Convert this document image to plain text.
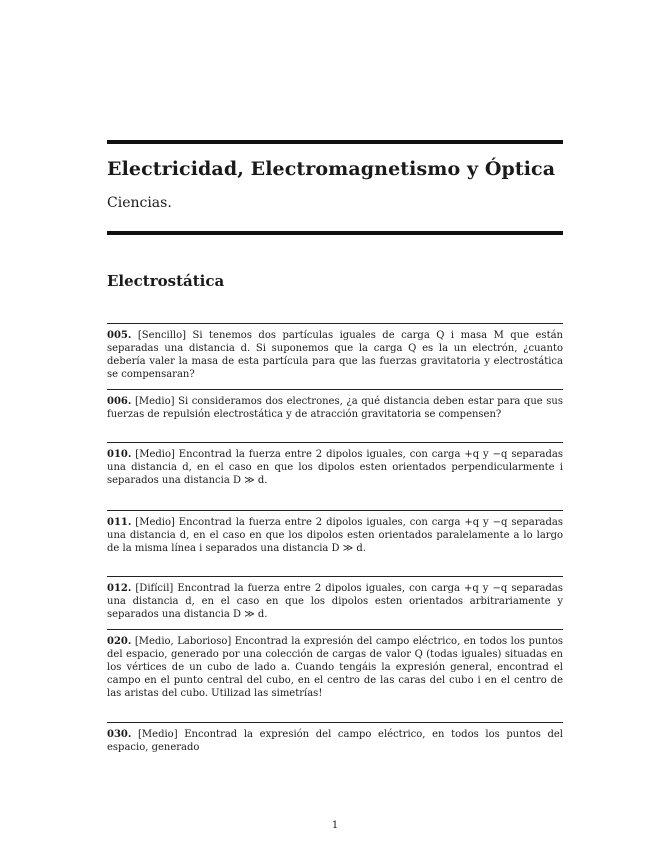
Electricidad, Electromagnetismo y Óptica
Ciencias.
Electrostática
005. [Sencillo] Si tenemos dos partículas iguales de carga Q i masa M que están separadas una distancia d. Si suponemos que la carga Q es la un electrón, ¿cuanto debería valer la masa de esta partícula para que las fuerzas gravitatoria y electrostática se compensaran?
006. [Medio] Si consideramos dos electrones, ¿a qué distancia deben estar para que sus fuerzas de repulsión electrostática y de atracción gravitatoria se compensen?
010. [Medio] Encontrad la fuerza entre 2 dipolos iguales, con carga +q y −q separadas una distancia d, en el caso en que los dipolos esten orientados perpendicularmente i separados una distancia D ≫ d.
011. [Medio] Encontrad la fuerza entre 2 dipolos iguales, con carga +q y −q separadas una distancia d, en el caso en que los dipolos esten orientados paralelamente a lo largo de la misma línea i separados una distancia D ≫ d.
012. [Difícil] Encontrad la fuerza entre 2 dipolos iguales, con carga +q y −q separadas una distancia d, en el caso en que los dipolos esten orientados arbitrariamente y separados una distancia D ≫ d.
020. [Medio, Laborioso] Encontrad la expresión del campo eléctrico, en todos los puntos del espacio, generado por una colección de cargas de valor Q (todas iguales) situadas en los vértices de un cubo de lado a. Cuando tengáis la expresión general, encontrad el campo en el punto central del cubo, en el centro de las caras del cubo i en el centro de las aristas del cubo. Utilizad las simetrías!
030. [Medio] Encontrad la expresión del campo eléctrico, en todos los puntos del espacio, generado
1
